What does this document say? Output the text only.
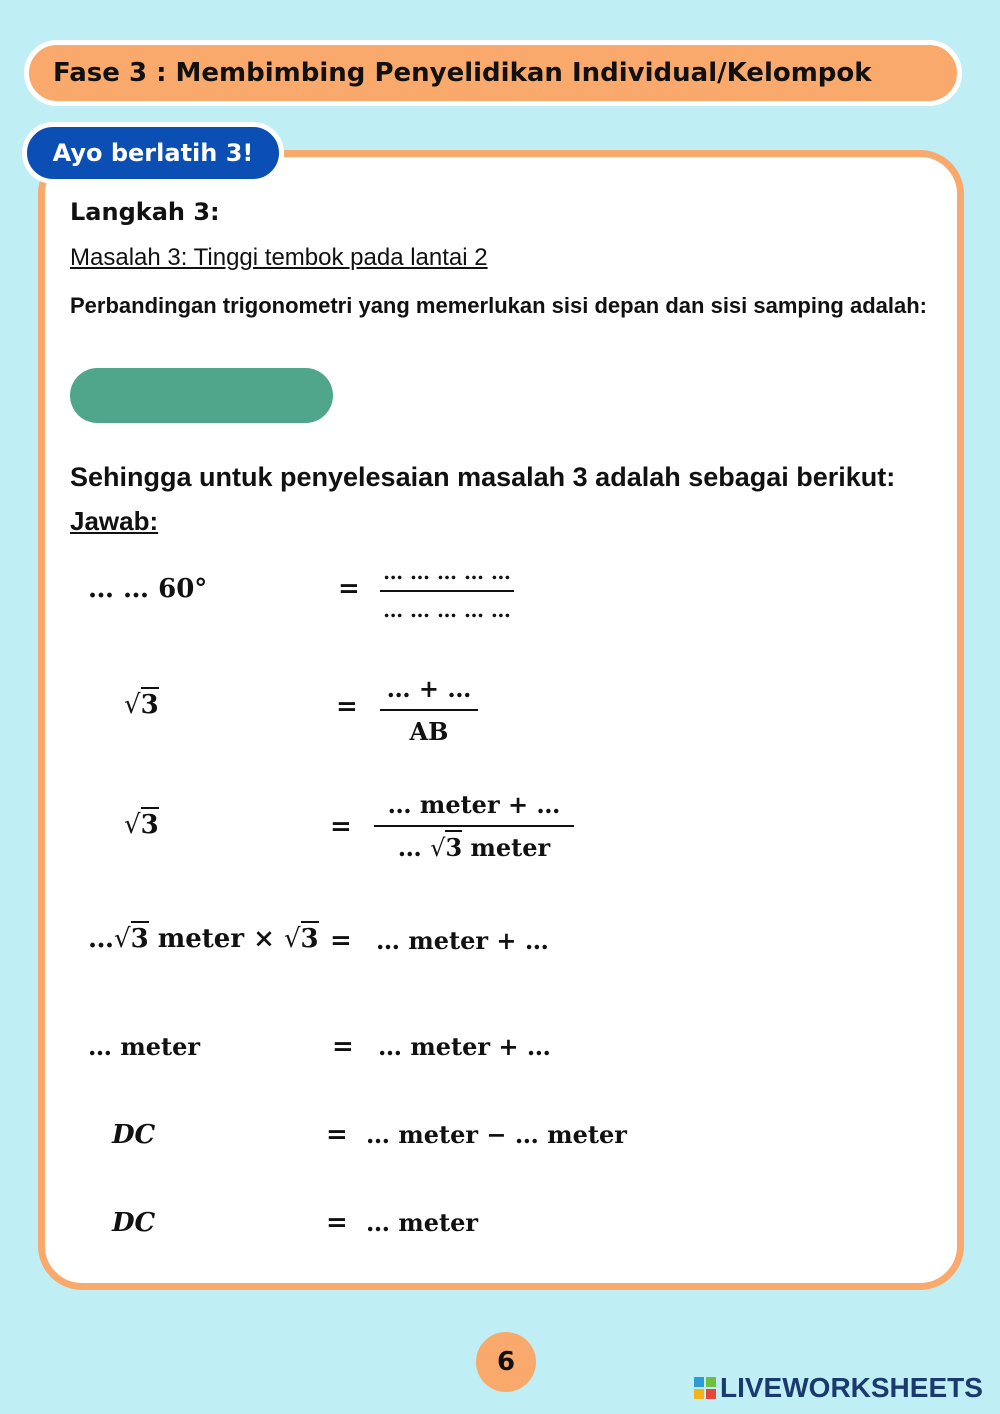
Fase 3 : Membimbing Penyelidikan Individual/Kelompok
Ayo berlatih 3!
Langkah 3:
Masalah 3: Tinggi tembok pada lantai 2
Perbandingan trigonometri yang memerlukan sisi depan dan sisi samping adalah:
Sehingga untuk penyelesaian masalah 3 adalah sebagai berikut:
Jawab:
… … 60°	=
… … … … …
… … … … …
√3	=
… + …
AB
√3	=
… meter + …
… √3 meter
…√3 meter × √3 = … meter + …
… meter	= … meter + …
DC	= … meter − … meter
DC	= … meter
6
LIVEWORKSHEETS
